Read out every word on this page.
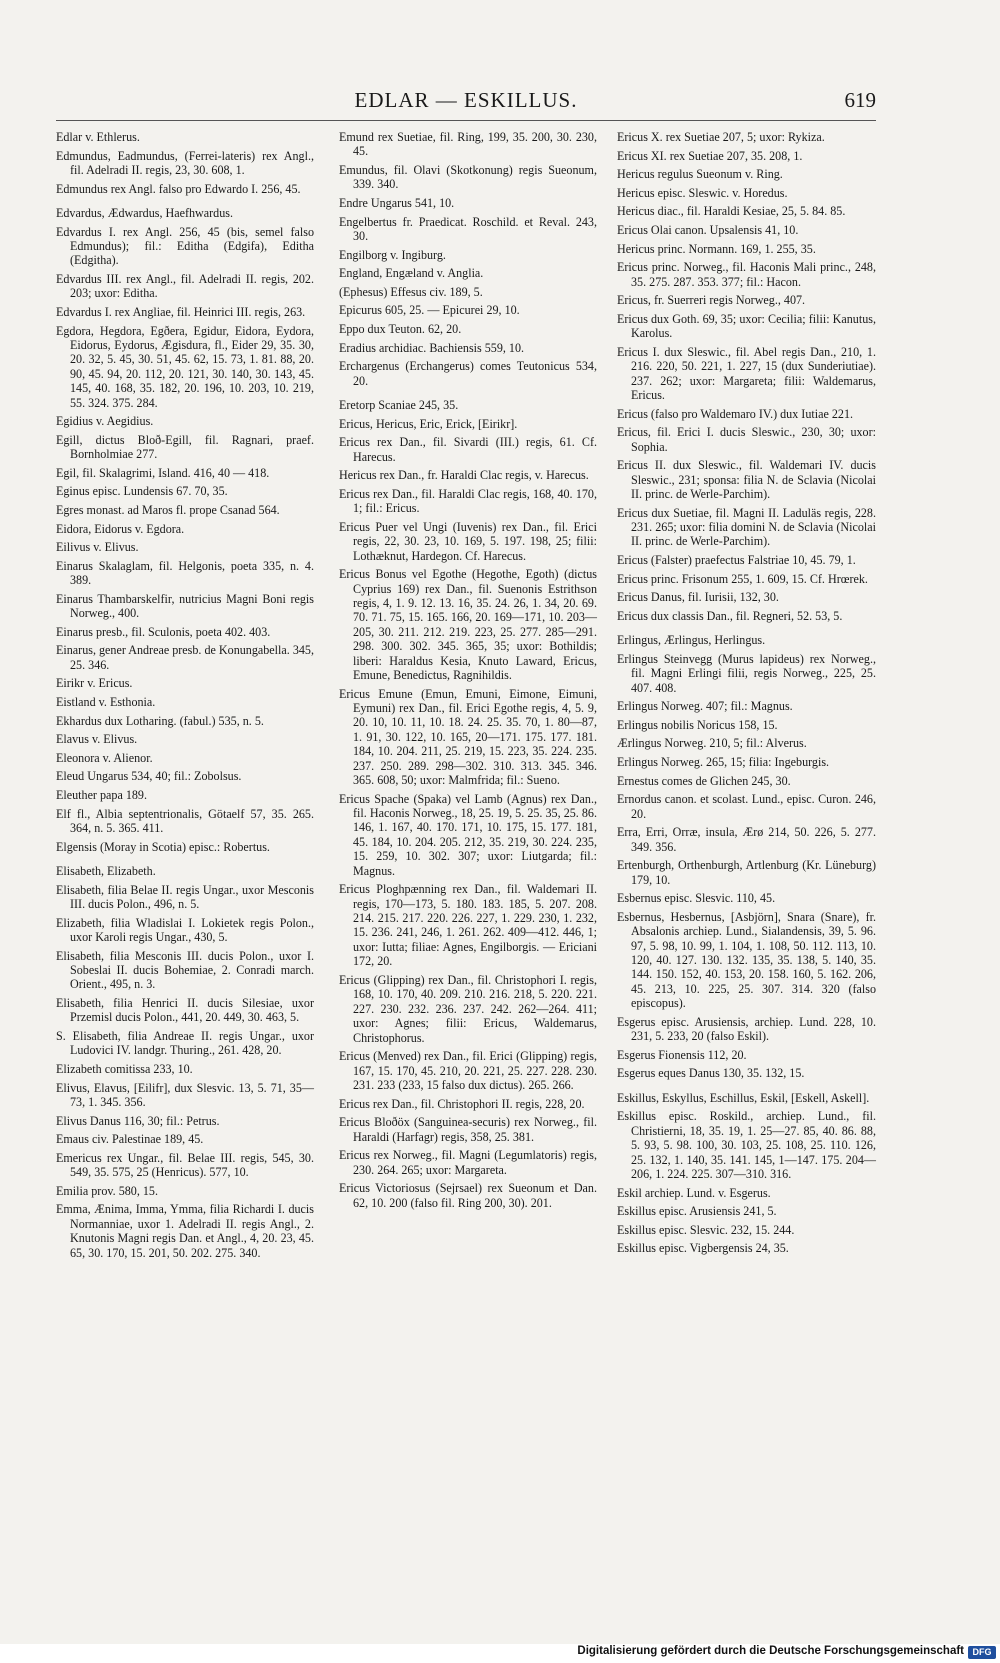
EDLAR — ESKILLUS.	619

Edlar v. Ethlerus.

Edmundus, Eadmundus, (Ferrei-lateris) rex Angl., fil. Adelradi II. regis, 23, 30. 608, 1.

Edmundus rex Angl. falso pro Edwardo I. 256, 45.

Edvardus, Ædwardus, Haefhwardus.

Edvardus I. rex Angl. 256, 45 (bis, semel falso Edmundus); fil.: Editha (Edgifa), Editha (Edgitha).

Edvardus III. rex Angl., fil. Adelradi II. regis, 202. 203; uxor: Editha.

Edvardus I. rex Angliae, fil. Heinrici III. regis, 263.

Egdora, Hegdora, Egðera, Egidur, Eidora, Eydora, Eidorus, Eydorus, Ægisdura, fl., Eider 29, 35. 30, 20. 32, 5. 45, 30. 51, 45. 62, 15. 73, 1. 81. 88, 20. 90, 45. 94, 20. 112, 20. 121, 30. 140, 30. 143, 45. 145, 40. 168, 35. 182, 20. 196, 10. 203, 10. 219, 55. 324. 375. 284.

Egidius v. Aegidius.

Egill, dictus Bloð-Egill, fil. Ragnari, praef. Bornholmiae 277.

Egil, fil. Skalagrimi, Island. 416, 40 — 418.

Eginus episc. Lundensis 67. 70, 35.

Egres monast. ad Maros fl. prope Csanad 564.

Eidora, Eidorus v. Egdora.

Eilivus v. Elivus.

Einarus Skalaglam, fil. Helgonis, poeta 335, n. 4. 389.

Einarus Thambarskelfir, nutricius Magni Boni regis Norweg., 400.

Einarus presb., fil. Sculonis, poeta 402. 403.

Einarus, gener Andreae presb. de Konungabella. 345, 25. 346.

Eirikr v. Ericus.

Eistland v. Esthonia.

Ekhardus dux Lotharing. (fabul.) 535, n. 5.

Elavus v. Elivus.

Eleonora v. Alienor.

Eleud Ungarus 534, 40; fil.: Zobolsus.

Eleuther papa 189.

Elf fl., Albia septentrionalis, Götaelf 57, 35. 265. 364, n. 5. 365. 411.

Elgensis (Moray in Scotia) episc.: Robertus.

Elisabeth, Elizabeth.

Elisabeth, filia Belae II. regis Ungar., uxor Mesconis III. ducis Polon., 496, n. 5.

Elizabeth, filia Wladislai I. Lokietek regis Polon., uxor Karoli regis Ungar., 430, 5.

Elisabeth, filia Mesconis III. ducis Polon., uxor I. Sobeslai II. ducis Bohemiae, 2. Conradi march. Orient., 495, n. 3.

Elisabeth, filia Henrici II. ducis Silesiae, uxor Przemisl ducis Polon., 441, 20. 449, 30. 463, 5.

S. Elisabeth, filia Andreae II. regis Ungar., uxor Ludovici IV. landgr. Thuring., 261. 428, 20.

Elizabeth comitissa 233, 10.

Elivus, Elavus, [Eilifr], dux Slesvic. 13, 5. 71, 35—73, 1. 345. 356.

Elivus Danus 116, 30; fil.: Petrus.

Emaus civ. Palestinae 189, 45.

Emericus rex Ungar., fil. Belae III. regis, 545, 30. 549, 35. 575, 25 (Henricus). 577, 10.

Emilia prov. 580, 15.

Emma, Ænima, Imma, Ymma, filia Richardi I. ducis Normanniae, uxor 1. Adelradi II. regis Angl., 2. Knutonis Magni regis Dan. et Angl., 4, 20. 23, 45. 65, 30. 170, 15. 201, 50. 202. 275. 340.

Emund rex Suetiae, fil. Ring, 199, 35. 200, 30. 230, 45.

Emundus, fil. Olavi (Skotkonung) regis Sueonum, 339. 340.

Endre Ungarus 541, 10.

Engelbertus fr. Praedicat. Roschild. et Reval. 243, 30.

Engilborg v. Ingiburg.

England, Engæland v. Anglia.

(Ephesus) Effesus civ. 189, 5.

Epicurus 605, 25. — Epicurei 29, 10.

Eppo dux Teuton. 62, 20.

Eradius archidiac. Bachiensis 559, 10.

Erchargenus (Erchangerus) comes Teutonicus 534, 20.

Eretorp Scaniae 245, 35.

Ericus, Hericus, Eric, Erick, [Eirikr].

Ericus rex Dan., fil. Sivardi (III.) regis, 61. Cf. Harecus.

Hericus rex Dan., fr. Haraldi Clac regis, v. Harecus.

Ericus rex Dan., fil. Haraldi Clac regis, 168, 40. 170, 1; fil.: Ericus.

Ericus Puer vel Ungi (Iuvenis) rex Dan., fil. Erici regis, 22, 30. 23, 10. 169, 5. 197. 198, 25; filii: Lothæknut, Hardegon. Cf. Harecus.

Ericus Bonus vel Egothe (Hegothe, Egoth) (dictus Cyprius 169) rex Dan., fil. Suenonis Estrithson regis, 4, 1. 9. 12. 13. 16, 35. 24. 26, 1. 34, 20. 69. 70. 71. 75, 15. 165. 166, 20. 169—171, 10. 203—205, 30. 211. 212. 219. 223, 25. 277. 285—291. 298. 300. 302. 345. 365, 35; uxor: Bothildis; liberi: Haraldus Kesia, Knuto Laward, Ericus, Emune, Benedictus, Ragnihildis.

Ericus Emune (Emun, Emuni, Eimone, Eimuni, Eymuni) rex Dan., fil. Erici Egothe regis, 4, 5. 9, 20. 10, 10. 11, 10. 18. 24. 25. 35. 70, 1. 80—87, 1. 91, 30. 122, 10. 165, 20—171. 175. 177. 181. 184, 10. 204. 211, 25. 219, 15. 223, 35. 224. 235. 237. 250. 289. 298—302. 310. 313. 345. 346. 365. 608, 50; uxor: Malmfrida; fil.: Sueno.

Ericus Spache (Spaka) vel Lamb (Agnus) rex Dan., fil. Haconis Norweg., 18, 25. 19, 5. 25. 35, 25. 86. 146, 1. 167, 40. 170. 171, 10. 175, 15. 177. 181, 45. 184, 10. 204. 205. 212, 35. 219, 30. 224. 235, 15. 259, 10. 302. 307; uxor: Liutgarda; fil.: Magnus.

Ericus Ploghpænning rex Dan., fil. Waldemari II. regis, 170—173, 5. 180. 183. 185, 5. 207. 208. 214. 215. 217. 220. 226. 227, 1. 229. 230, 1. 232, 15. 236. 241, 246, 1. 261. 262. 409—412. 446, 1; uxor: Iutta; filiae: Agnes, Engilborgis. — Ericiani 172, 20.

Ericus (Glipping) rex Dan., fil. Christophori I. regis, 168, 10. 170, 40. 209. 210. 216. 218, 5. 220. 221. 227. 230. 232. 236. 237. 242. 262—264. 411; uxor: Agnes; filii: Ericus, Waldemarus, Christophorus.

Ericus (Menved) rex Dan., fil. Erici (Glipping) regis, 167, 15. 170, 45. 210, 20. 221, 25. 227. 228. 230. 231. 233 (233, 15 falso dux dictus). 265. 266.

Ericus rex Dan., fil. Christophori II. regis, 228, 20.

Ericus Bloðöx (Sanguinea-securis) rex Norweg., fil. Haraldi (Harfagr) regis, 358, 25. 381.

Ericus rex Norweg., fil. Magni (Legumlatoris) regis, 230. 264. 265; uxor: Margareta.

Ericus Victoriosus (Sejrsael) rex Sueonum et Dan. 62, 10. 200 (falso fil. Ring 200, 30). 201.

Ericus X. rex Suetiae 207, 5; uxor: Rykiza.

Ericus XI. rex Suetiae 207, 35. 208, 1.

Hericus regulus Sueonum v. Ring.

Hericus episc. Sleswic. v. Horedus.

Hericus diac., fil. Haraldi Kesiae, 25, 5. 84. 85.

Ericus Olai canon. Upsalensis 41, 10.

Hericus princ. Normann. 169, 1. 255, 35.

Ericus princ. Norweg., fil. Haconis Mali princ., 248, 35. 275. 287. 353. 377; fil.: Hacon.

Ericus, fr. Suerreri regis Norweg., 407.

Ericus dux Goth. 69, 35; uxor: Cecilia; filii: Kanutus, Karolus.

Ericus I. dux Sleswic., fil. Abel regis Dan., 210, 1. 216. 220, 50. 221, 1. 227, 15 (dux Sunderiutiae). 237. 262; uxor: Margareta; filii: Waldemarus, Ericus.

Ericus (falso pro Waldemaro IV.) dux Iutiae 221.

Ericus, fil. Erici I. ducis Sleswic., 230, 30; uxor: Sophia.

Ericus II. dux Sleswic., fil. Waldemari IV. ducis Sleswic., 231; sponsa: filia N. de Sclavia (Nicolai II. princ. de Werle-Parchim).

Ericus dux Suetiae, fil. Magni II. Laduläs regis, 228. 231. 265; uxor: filia domini N. de Sclavia (Nicolai II. princ. de Werle-Parchim).

Ericus (Falster) praefectus Falstriae 10, 45. 79, 1.

Ericus princ. Frisonum 255, 1. 609, 15. Cf. Hrœrek.

Ericus Danus, fil. Iurisii, 132, 30.

Ericus dux classis Dan., fil. Regneri, 52. 53, 5.

Erlingus, Ærlingus, Herlingus.

Erlingus Steinvegg (Murus lapideus) rex Norweg., fil. Magni Erlingi filii, regis Norweg., 225, 25. 407. 408.

Erlingus Norweg. 407; fil.: Magnus.

Erlingus nobilis Noricus 158, 15.

Ærlingus Norweg. 210, 5; fil.: Alverus.

Erlingus Norweg. 265, 15; filia: Ingeburgis.

Ernestus comes de Glichen 245, 30.

Ernordus canon. et scolast. Lund., episc. Curon. 246, 20.

Erra, Erri, Orræ, insula, Ærø 214, 50. 226, 5. 277. 349. 356.

Ertenburgh, Orthenburgh, Artlenburg (Kr. Lüneburg) 179, 10.

Esbernus episc. Slesvic. 110, 45.

Esbernus, Hesbernus, [Asbjörn], Snara (Snare), fr. Absalonis archiep. Lund., Sialandensis, 39, 5. 96. 97, 5. 98, 10. 99, 1. 104, 1. 108, 50. 112. 113, 10. 120, 40. 127. 130. 132. 135, 35. 138, 5. 140, 35. 144. 150. 152, 40. 153, 20. 158. 160, 5. 162. 206, 45. 213, 10. 225, 25. 307. 314. 320 (falso episcopus).

Esgerus episc. Arusiensis, archiep. Lund. 228, 10. 231, 5. 233, 20 (falso Eskil).

Esgerus Fionensis 112, 20.

Esgerus eques Danus 130, 35. 132, 15.

Eskillus, Eskyllus, Eschillus, Eskil, [Eskell, Askell].

Eskillus episc. Roskild., archiep. Lund., fil. Christierni, 18, 35. 19, 1. 25—27. 85, 40. 86. 88, 5. 93, 5. 98. 100, 30. 103, 25. 108, 25. 110. 126, 25. 132, 1. 140, 35. 141. 145, 1—147. 175. 204—206, 1. 224. 225. 307—310. 316.

Eskil archiep. Lund. v. Esgerus.

Eskillus episc. Arusiensis 241, 5.

Eskillus episc. Slesvic. 232, 15. 244.

Eskillus episc. Vigbergensis 24, 35.

Digitalisierung gefördert durch die Deutsche Forschungsgemeinschaft DFG
